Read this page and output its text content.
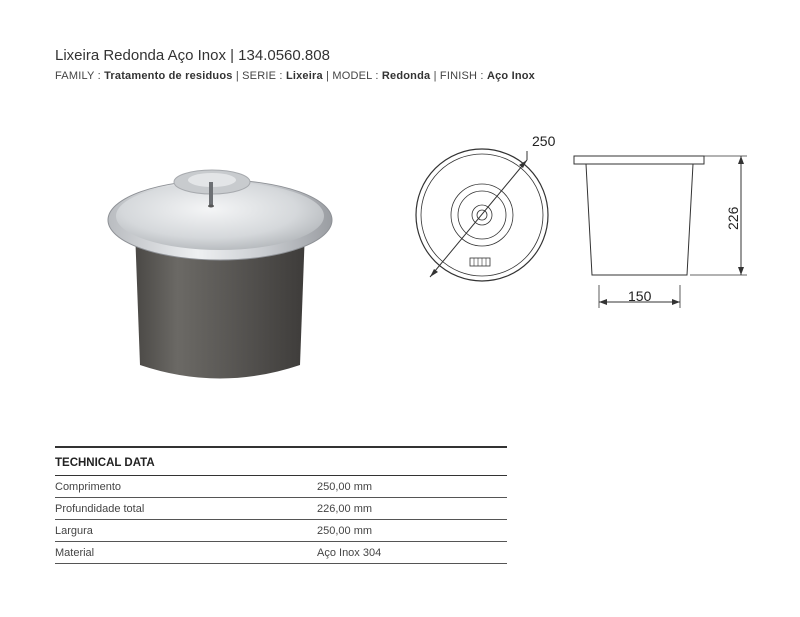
Lixeira Redonda Aço Inox | 134.0560.808
FAMILY : Tratamento de residuos | SERIE : Lixeira | MODEL : Redonda | FINISH : Aço Inox
250
226
150
TECHNICAL DATA
Comprimento	250,00 mm
Profundidade total	226,00 mm
Largura	250,00 mm
Material	Aço Inox 304
